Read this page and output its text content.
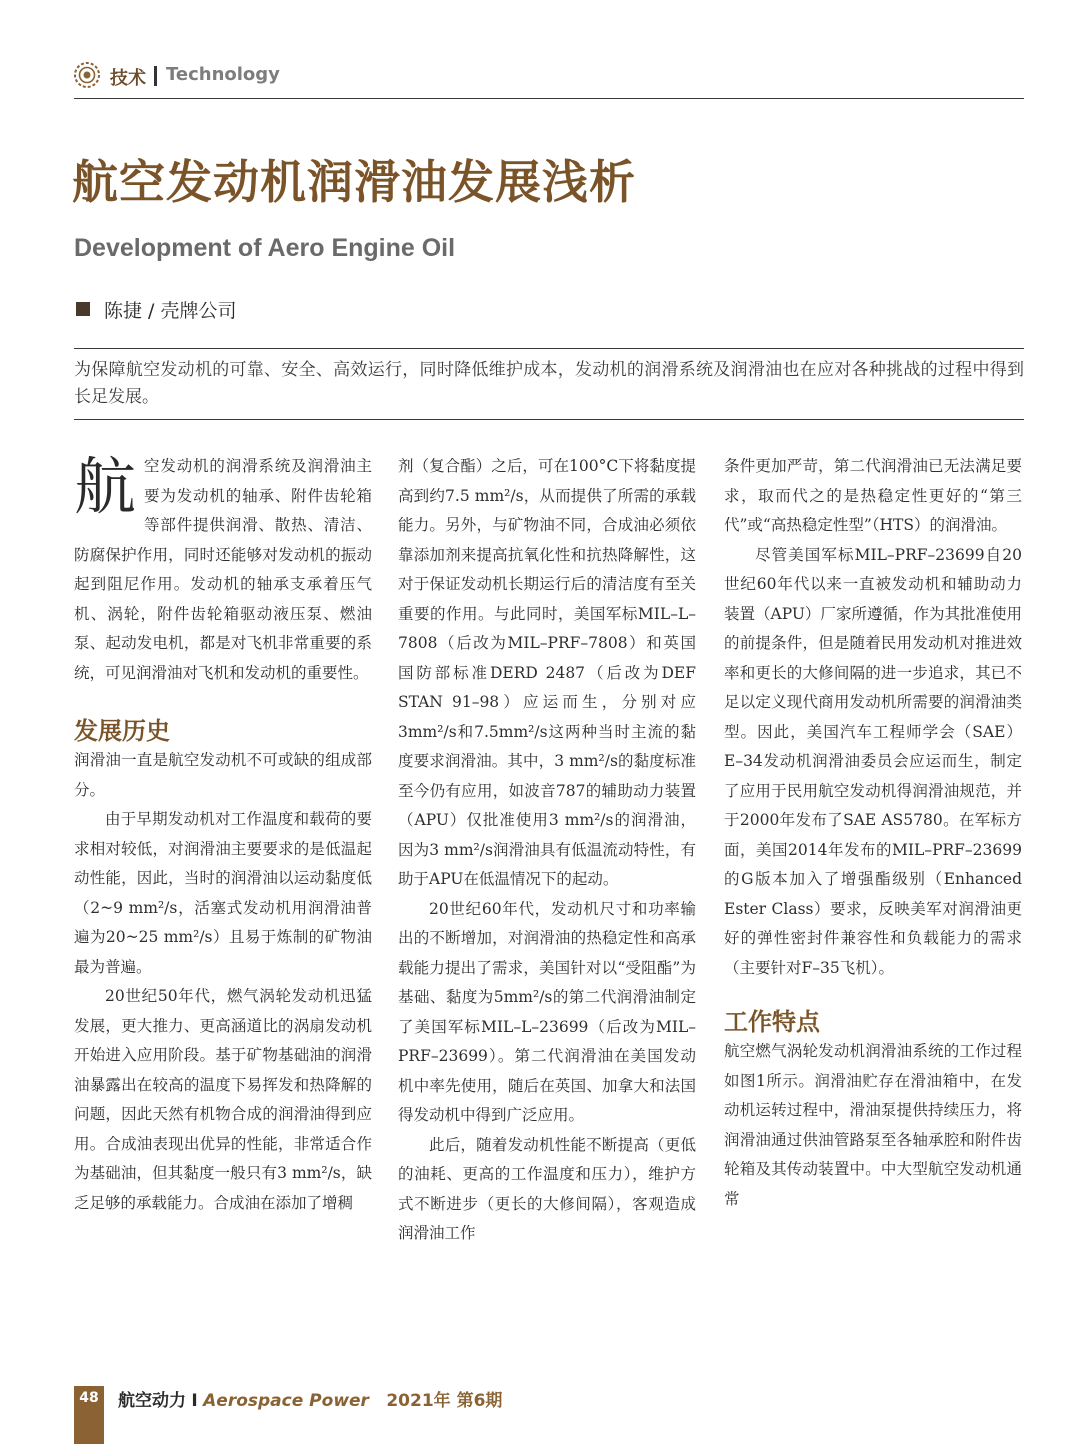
技术 Technology
航空发动机润滑油发展浅析
Development of Aero Engine Oil
陈捷 / 壳牌公司
为保障航空发动机的可靠、安全、高效运行，同时降低维护成本，发动机的润滑系统及润滑油也在应对各种挑战的过程中得到长足发展。
航 空发动机的润滑系统及润滑油主要为发动机的轴承、附件齿轮箱等部件提供润滑、散热、清洁、防腐保护作用，同时还能够对发动机的振动起到阻尼作用。发动机的轴承支承着压气机、涡轮，附件齿轮箱驱动液压泵、燃油泵、起动发电机，都是对飞机非常重要的系统，可见润滑油对飞机和发动机的重要性。

发展历史

润滑油一直是航空发动机不可或缺的组成部分。

由于早期发动机对工作温度和载荷的要求相对较低，对润滑油主要要求的是低温起动性能，因此，当时的润滑油以运动黏度低（2~9 mm²/s，活塞式发动机用润滑油普遍为20~25 mm²/s）且易于炼制的矿物油最为普遍。

20世纪50年代，燃气涡轮发动机迅猛发展，更大推力、更高涵道比的涡扇发动机开始进入应用阶段。基于矿物基础油的润滑油暴露出在较高的温度下易挥发和热降解的问题，因此天然有机物合成的润滑油得到应用。合成油表现出优异的性能，非常适合作为基础油，但其黏度一般只有3 mm²/s，缺乏足够的承载能力。合成油在添加了增稠

剂（复合酯）之后，可在100°C下将黏度提高到约7.5 mm²/s，从而提供了所需的承载能力。另外，与矿物油不同，合成油必须依靠添加剂来提高抗氧化性和抗热降解性，这对于保证发动机长期运行后的清洁度有至关重要的作用。与此同时，美国军标MIL–L–7808（后改为MIL–PRF–7808）和英国国防部标准DERD 2487（后改为DEF STAN 91–98）应运而生，分别对应3mm²/s和7.5mm²/s这两种当时主流的黏度要求润滑油。其中，3 mm²/s的黏度标准至今仍有应用，如波音787的辅助动力装置（APU）仅批准使用3 mm²/s的润滑油，因为3 mm²/s润滑油具有低温流动特性，有助于APU在低温情况下的起动。

20世纪60年代，发动机尺寸和功率输出的不断增加，对润滑油的热稳定性和高承载能力提出了需求，美国针对以“受阻酯”为基础、黏度为5mm²/s的第二代润滑油制定了美国军标MIL–L–23699（后改为MIL–PRF–23699）。第二代润滑油在美国发动机中率先使用，随后在英国、加拿大和法国得发动机中得到广泛应用。

此后，随着发动机性能不断提高（更低的油耗、更高的工作温度和压力），维护方式不断进步（更长的大修间隔），客观造成润滑油工作

条件更加严苛，第二代润滑油已无法满足要求，取而代之的是热稳定性更好的“第三代”或“高热稳定性型”（HTS）的润滑油。

尽管美国军标MIL–PRF–23699自20世纪60年代以来一直被发动机和辅助动力装置（APU）厂家所遵循，作为其批准使用的前提条件，但是随着民用发动机对推进效率和更长的大修间隔的进一步追求，其已不足以定义现代商用发动机所需要的润滑油类型。因此，美国汽车工程师学会（SAE）E–34发动机润滑油委员会应运而生，制定了应用于民用航空发动机得润滑油规范，并于2000年发布了SAE AS5780。在军标方面，美国2014年发布的MIL–PRF–23699的G版本加入了增强酯级别（Enhanced Ester Class）要求，反映美军对润滑油更好的弹性密封件兼容性和负载能力的需求（主要针对F–35飞机）。

工作特点

航空燃气涡轮发动机润滑油系统的工作过程如图1所示。润滑油贮存在滑油箱中，在发动机运转过程中，滑油泵提供持续压力，将润滑油通过供油管路泵至各轴承腔和附件齿轮箱及其传动装置中。中大型航空发动机通常

48	航空动力 I Aerospace Power 2021年 第6期
